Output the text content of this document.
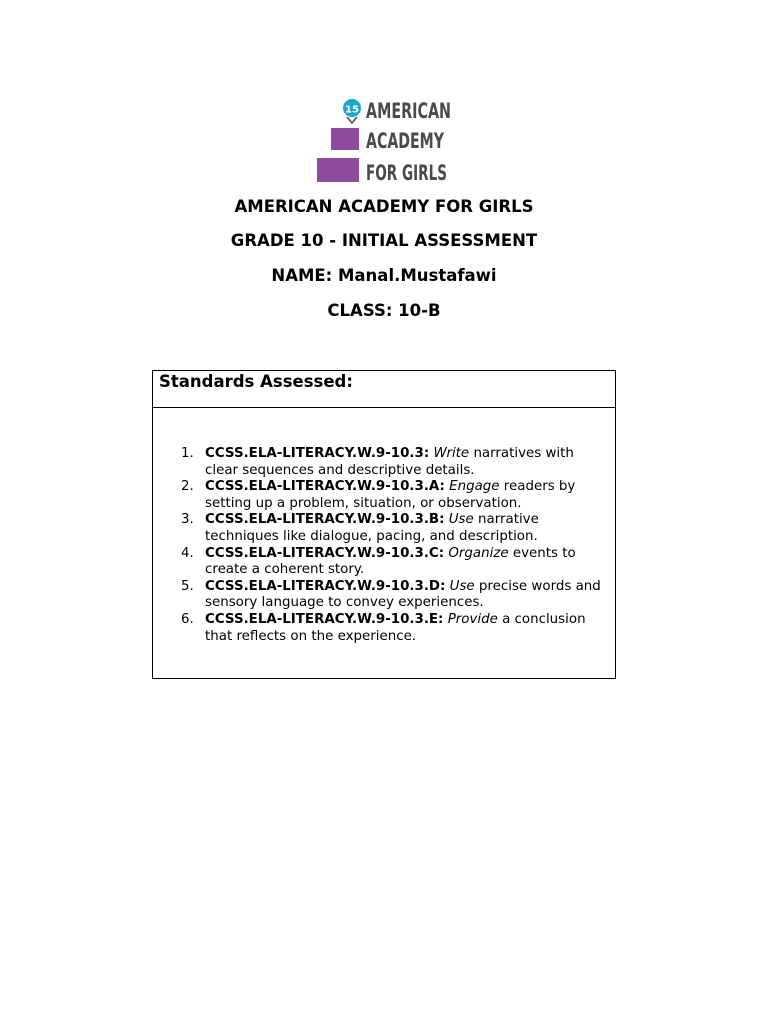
15 AMERICAN
ACADEMY
FOR GIRLS
AMERICAN ACADEMY FOR GIRLS
GRADE 10 - INITIAL ASSESSMENT
NAME: Manal.Mustafawi
CLASS: 10-B
Standards Assessed:
1. CCSS.ELA-LITERACY.W.9-10.3: Write narratives with clear sequences and descriptive details.
2. CCSS.ELA-LITERACY.W.9-10.3.A: Engage readers by setting up a problem, situation, or observation.
3. CCSS.ELA-LITERACY.W.9-10.3.B: Use narrative techniques like dialogue, pacing, and description.
4. CCSS.ELA-LITERACY.W.9-10.3.C: Organize events to create a coherent story.
5. CCSS.ELA-LITERACY.W.9-10.3.D: Use precise words and sensory language to convey experiences.
6. CCSS.ELA-LITERACY.W.9-10.3.E: Provide a conclusion that reflects on the experience.
